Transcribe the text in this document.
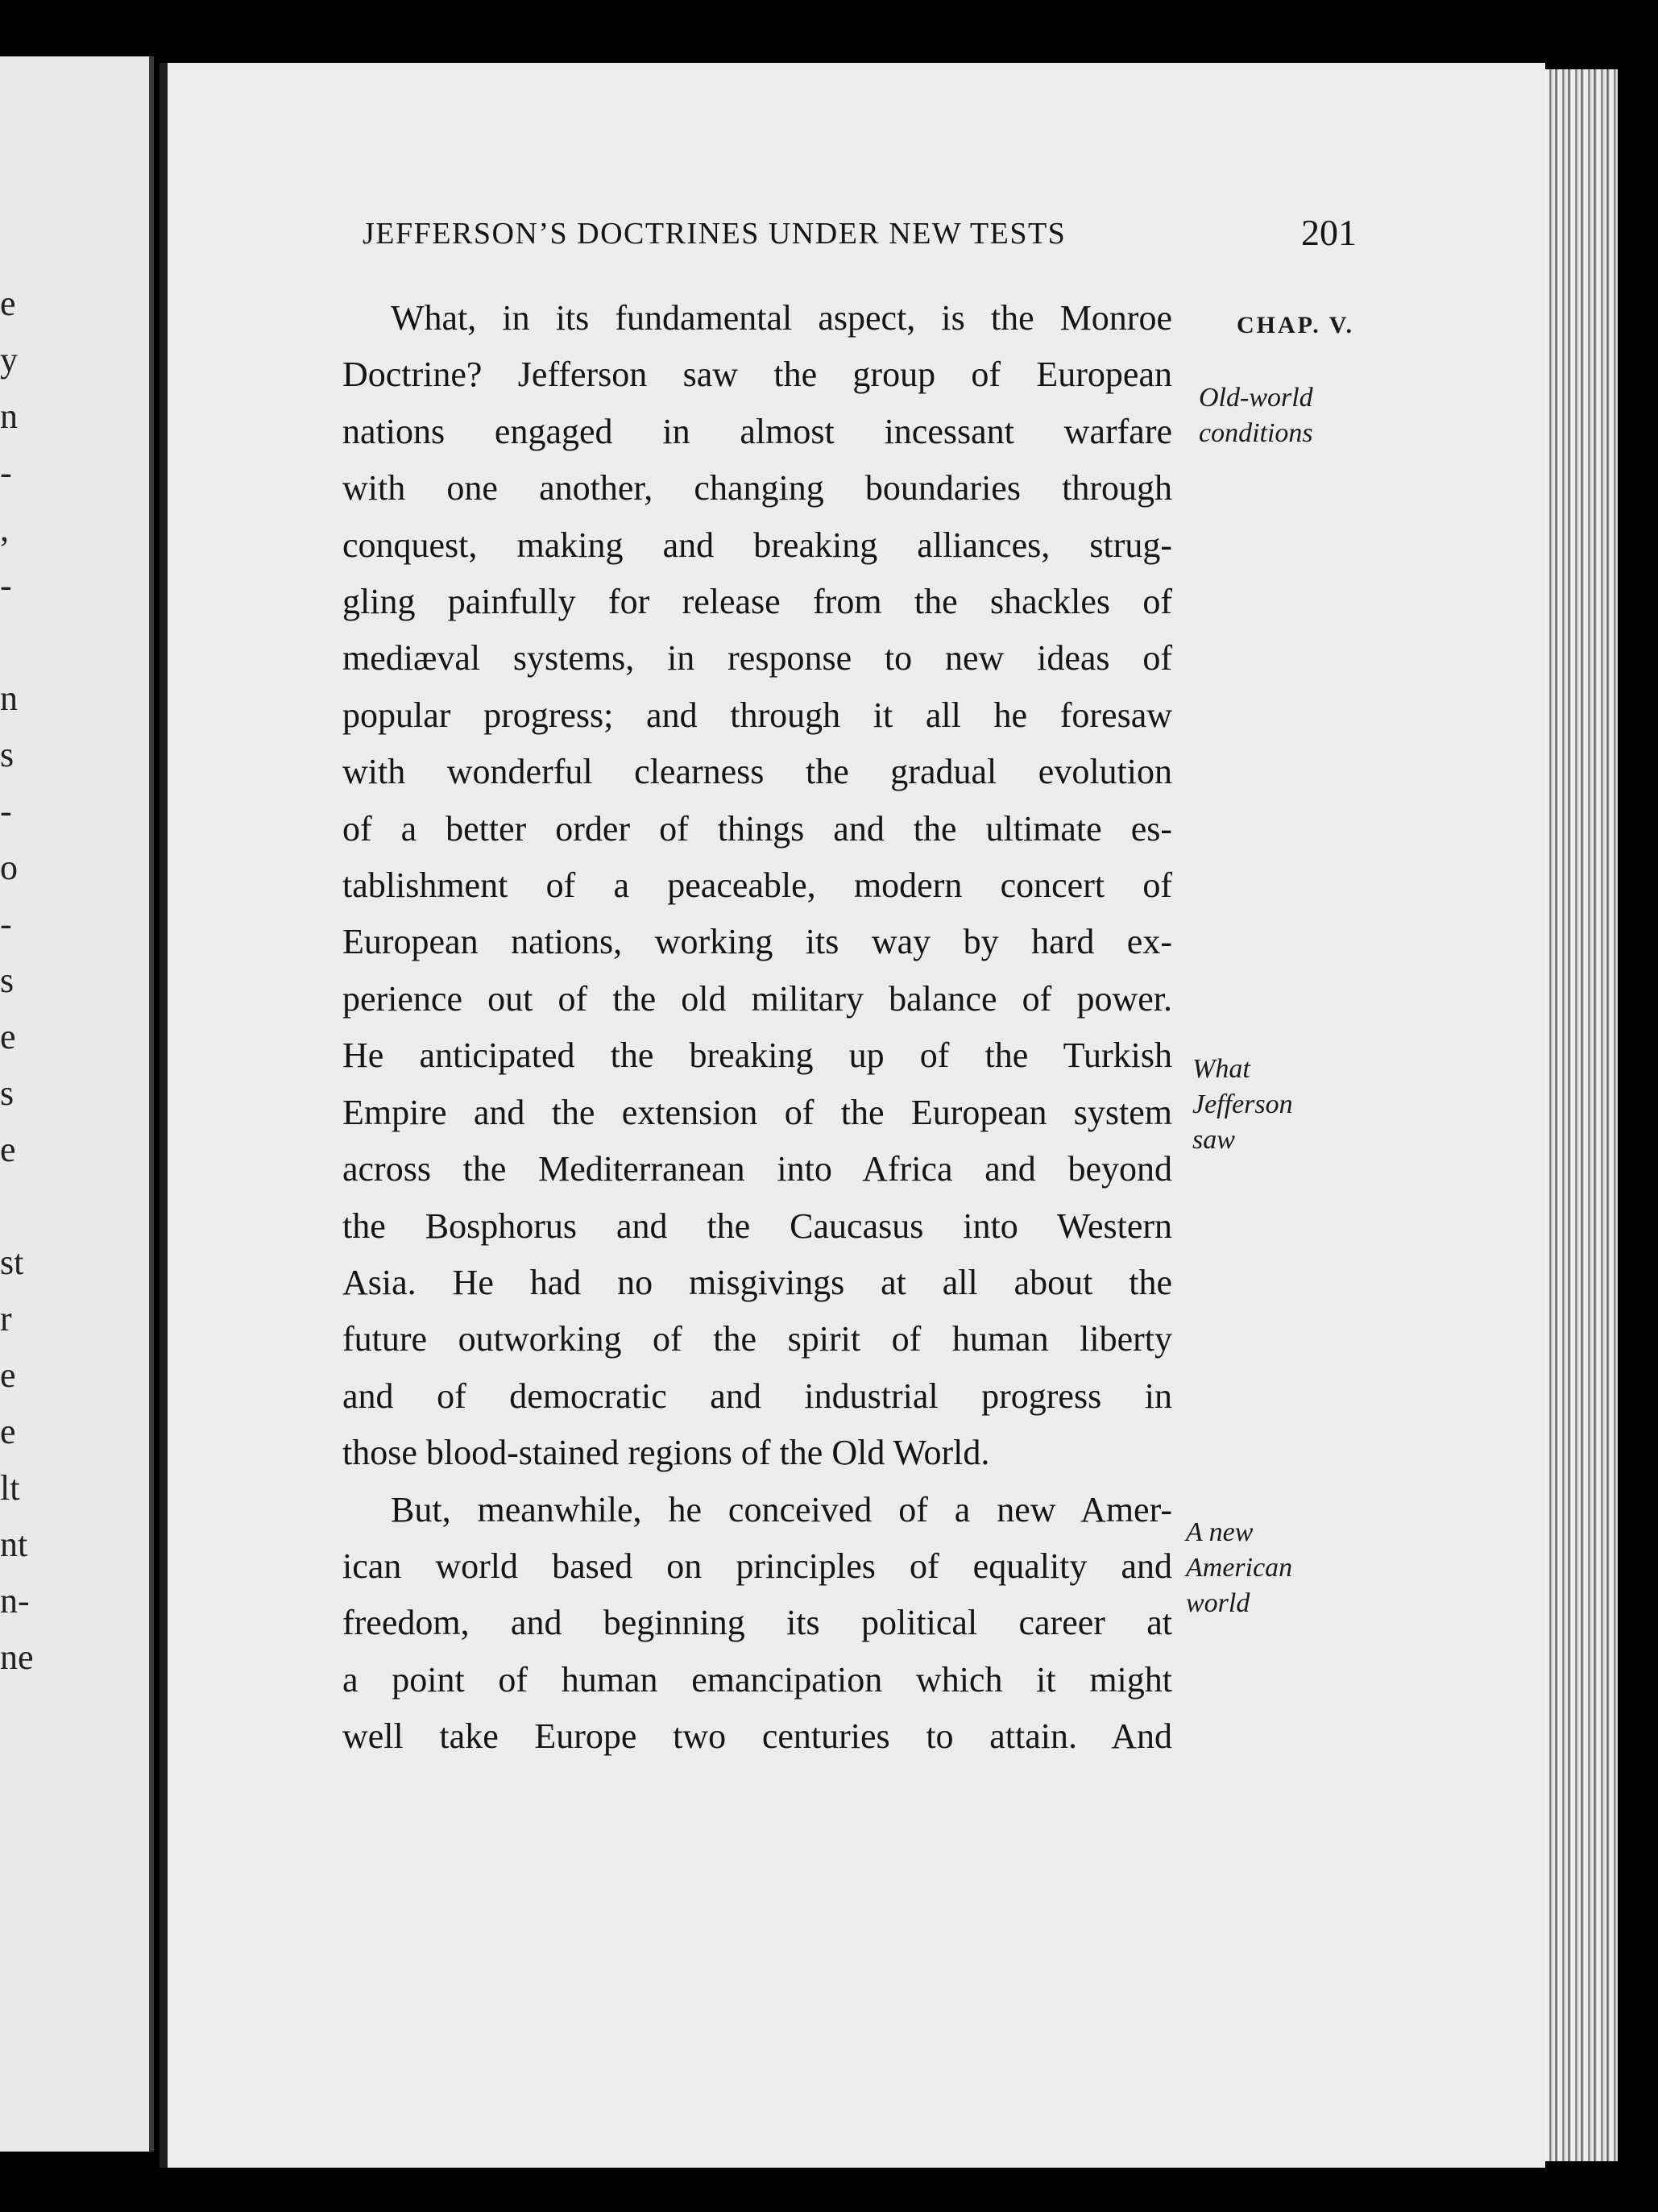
e
y
n
-
,
-
n
s
-
o
-
s
e
s
e
st
r
e
e
lt
nt
n-
ne
JEFFERSON’S DOCTRINES UNDER NEW TESTS	201
CHAP. V.
Old-world
conditions
What
Jefferson
saw
A new
American
world
What, in its fundamental aspect, is the Monroe
Doctrine? Jefferson saw the group of European
nations engaged in almost incessant warfare
with one another, changing boundaries through
conquest, making and breaking alliances, strug-
gling painfully for release from the shackles of
mediæval systems, in response to new ideas of
popular progress; and through it all he foresaw
with wonderful clearness the gradual evolution
of a better order of things and the ultimate es-
tablishment of a peaceable, modern concert of
European nations, working its way by hard ex-
perience out of the old military balance of power.
He anticipated the breaking up of the Turkish
Empire and the extension of the European system
across the Mediterranean into Africa and beyond
the Bosphorus and the Caucasus into Western
Asia. He had no misgivings at all about the
future outworking of the spirit of human liberty
and of democratic and industrial progress in
those blood-stained regions of the Old World.
But, meanwhile, he conceived of a new Amer-
ican world based on principles of equality and
freedom, and beginning its political career at
a point of human emancipation which it might
well take Europe two centuries to attain. And
